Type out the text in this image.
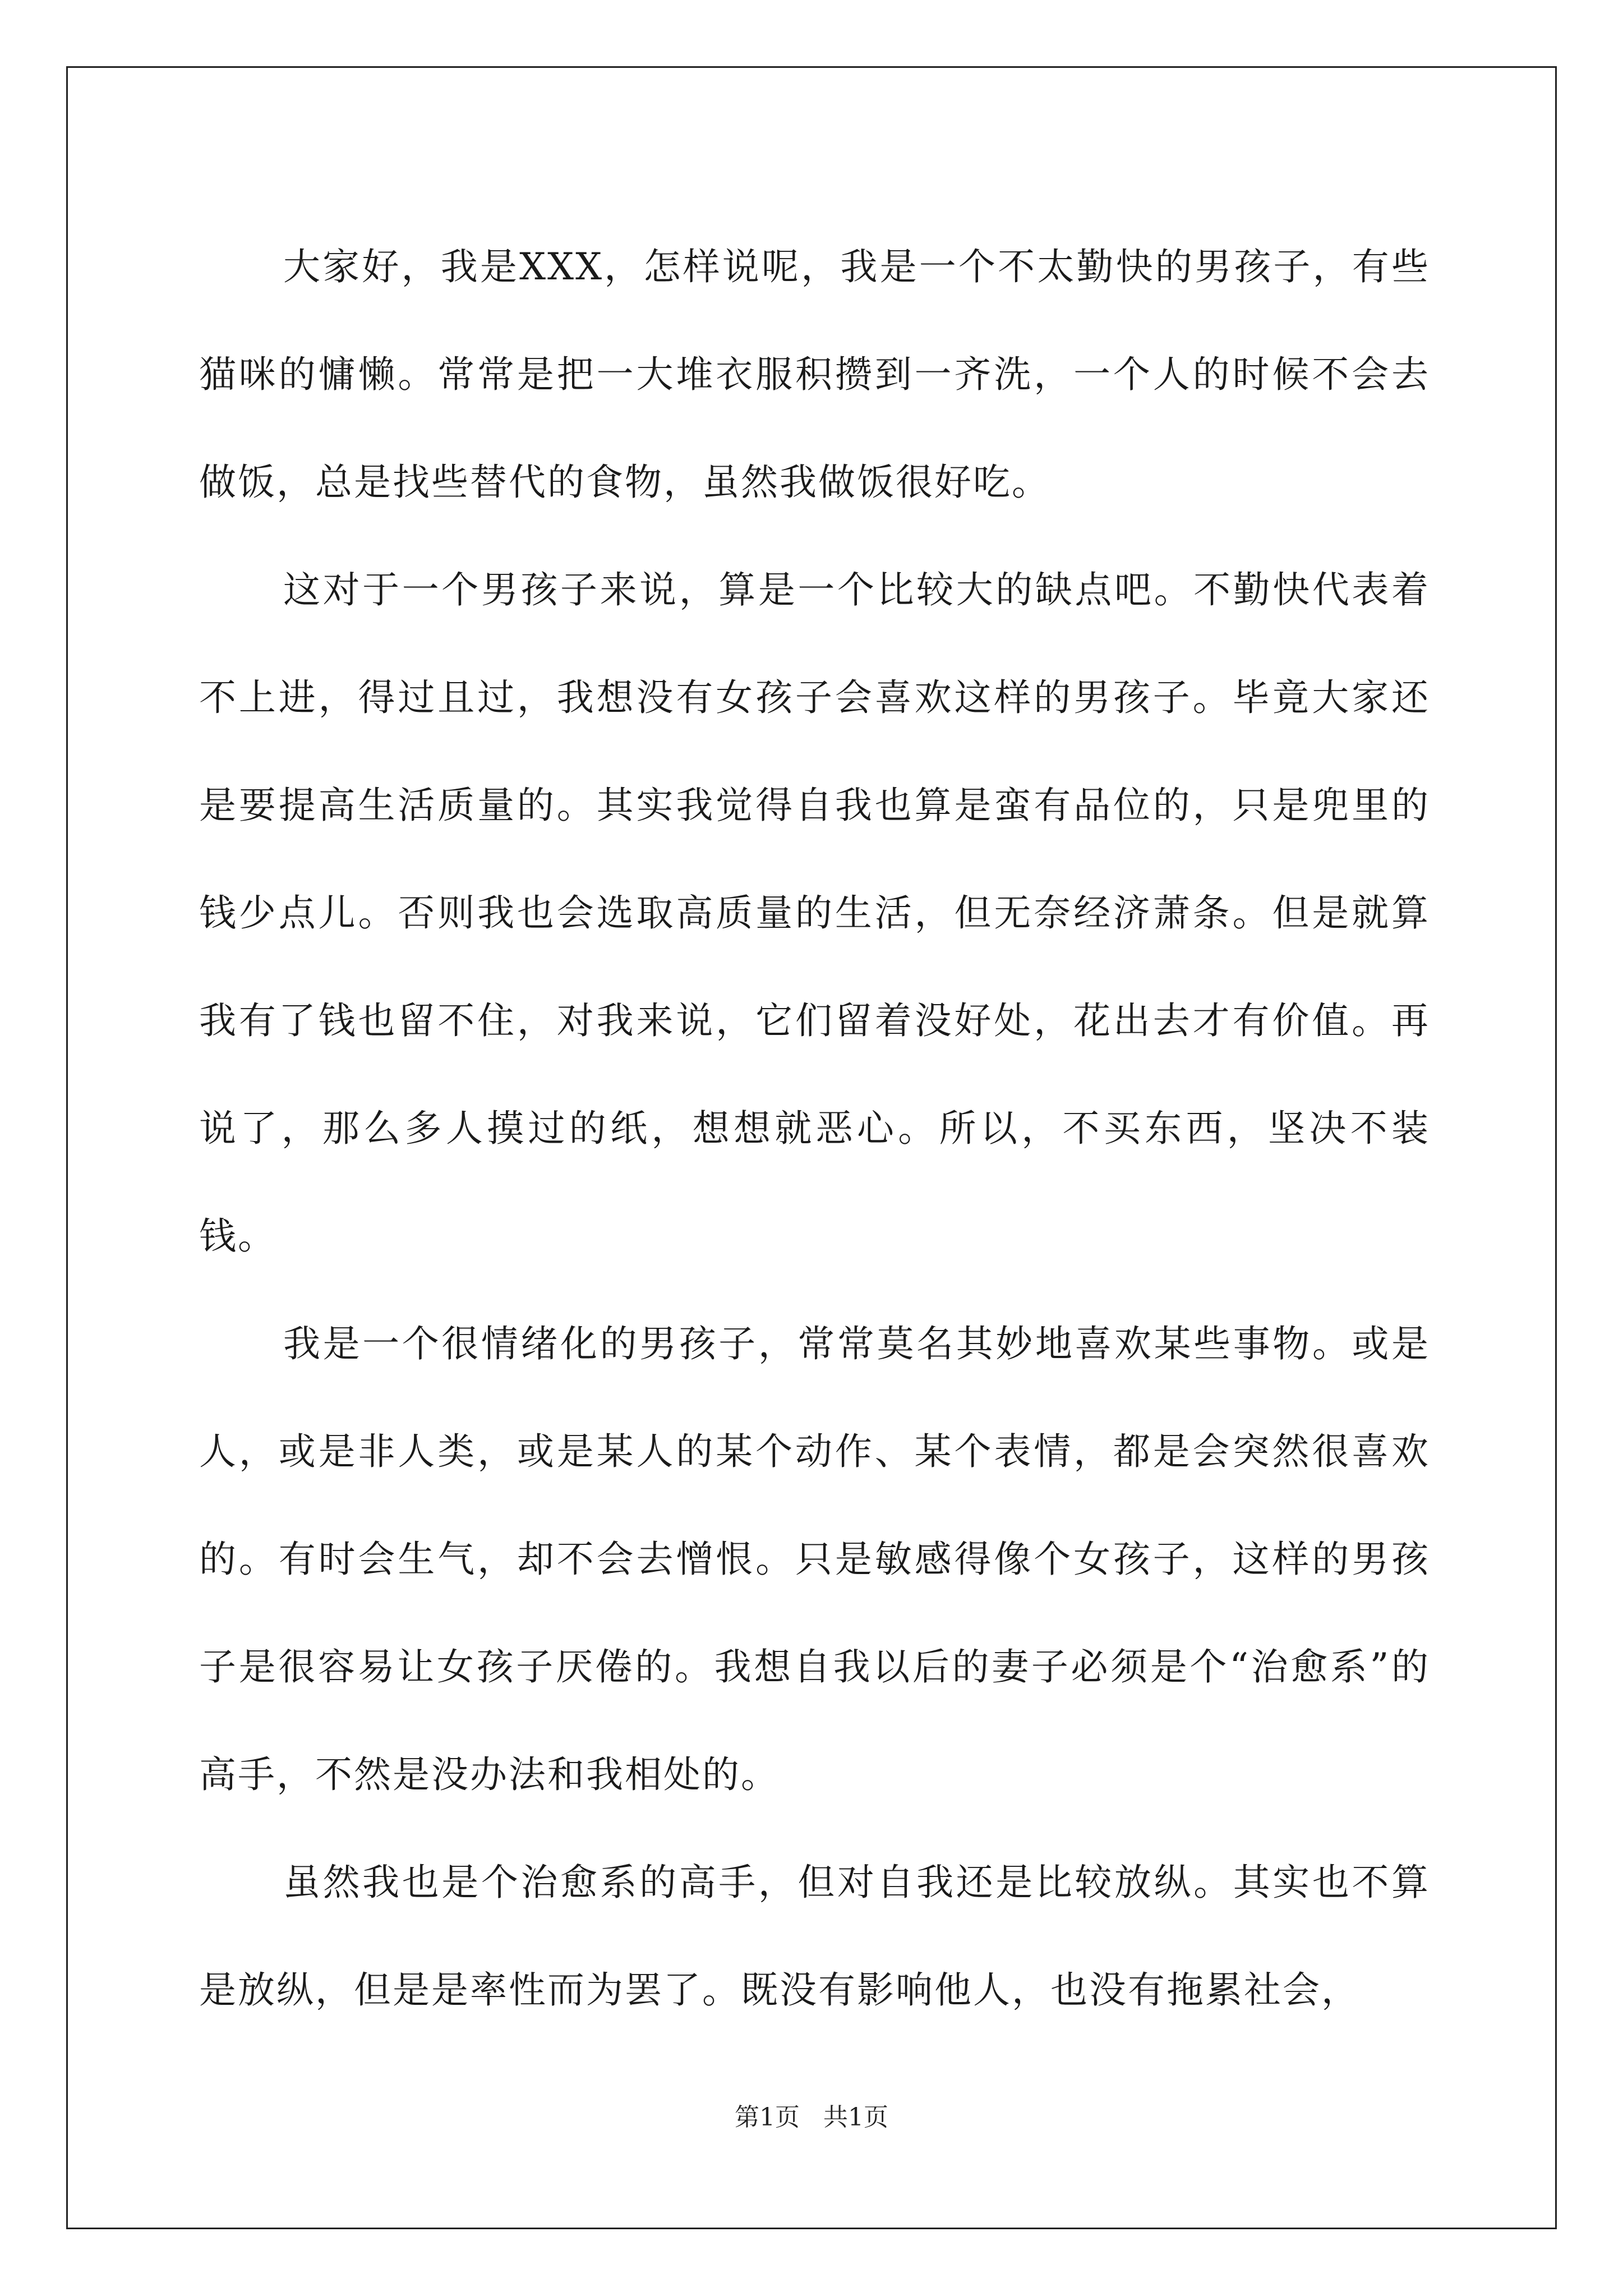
大家好，我是XXX，怎样说呢，我是一个不太勤快的男孩子，有些猫咪的慵懒。常常是把一大堆衣服积攒到一齐洗，一个人的时候不会去做饭，总是找些替代的食物，虽然我做饭很好吃。

这对于一个男孩子来说，算是一个比较大的缺点吧。不勤快代表着不上进，得过且过，我想没有女孩子会喜欢这样的男孩子。毕竟大家还是要提高生活质量的。其实我觉得自我也算是蛮有品位的，只是兜里的钱少点儿。否则我也会选取高质量的生活，但无奈经济萧条。但是就算我有了钱也留不住，对我来说，它们留着没好处，花出去才有价值。再说了，那么多人摸过的纸，想想就恶心。所以，不买东西，坚决不装钱。

我是一个很情绪化的男孩子，常常莫名其妙地喜欢某些事物。或是人，或是非人类，或是某人的某个动作、某个表情，都是会突然很喜欢的。有时会生气，却不会去憎恨。只是敏感得像个女孩子，这样的男孩子是很容易让女孩子厌倦的。我想自我以后的妻子必须是个“治愈系”的高手，不然是没办法和我相处的。

虽然我也是个治愈系的高手，但对自我还是比较放纵。其实也不算是放纵，但是是率性而为罢了。既没有影响他人，也没有拖累社会，

第1页 共1页
